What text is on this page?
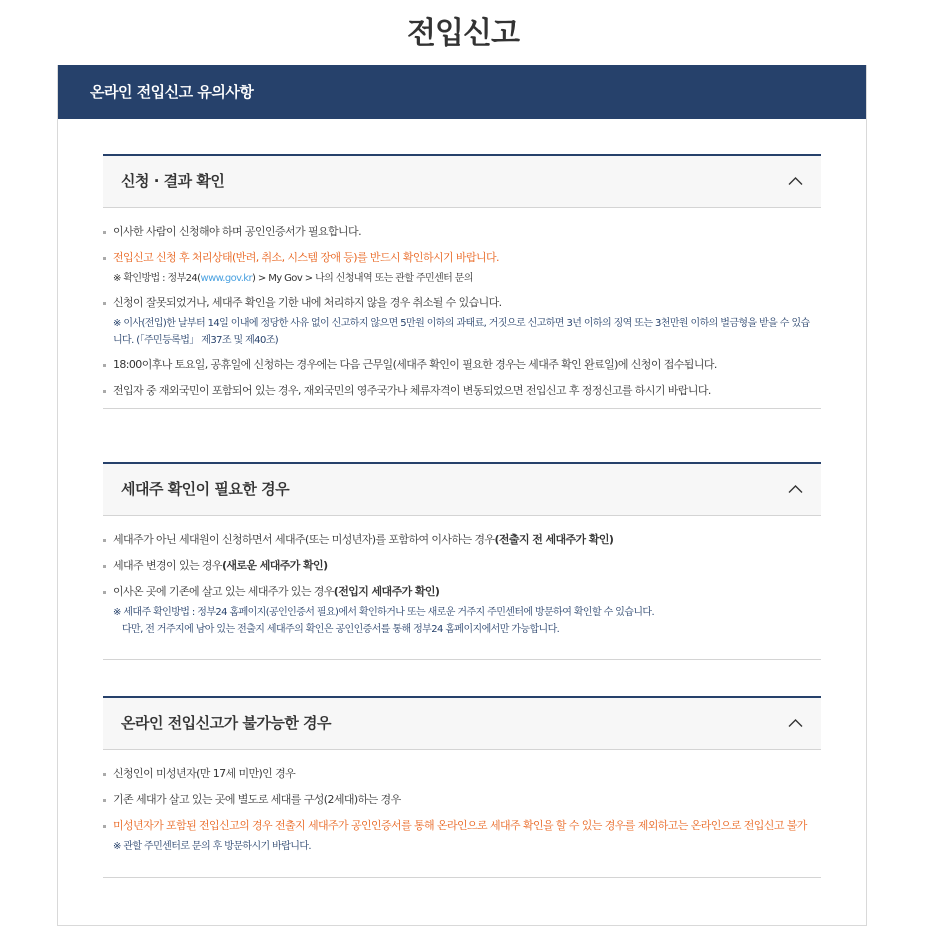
전입신고
온라인 전입신고 유의사항
신청 · 결과 확인
이사한 사람이 신청해야 하며 공인인증서가 필요합니다.
전입신고 신청 후 처리상태(반려, 취소, 시스템 장애 등)를 반드시 확인하시기 바랍니다.
※ 확인방법 : 정부24(www.gov.kr) > My Gov > 나의 신청내역 또는 관할 주민센터 문의
신청이 잘못되었거나, 세대주 확인을 기한 내에 처리하지 않을 경우 취소될 수 있습니다.
※ 이사(전입)한 날부터 14일 이내에 정당한 사유 없이 신고하지 않으면 5만원 이하의 과태료, 거짓으로 신고하면 3년 이하의 징역 또는 3천만원 이하의 벌금형을 받을 수 있습니다. (「주민등록법」 제37조 및 제40조)
18:00이후나 토요일, 공휴일에 신청하는 경우에는 다음 근무일(세대주 확인이 필요한 경우는 세대주 확인 완료일)에 신청이 접수됩니다.
전입자 중 재외국민이 포함되어 있는 경우, 재외국민의 영주국가나 체류자격이 변동되었으면 전입신고 후 정정신고를 하시기 바랍니다.
세대주 확인이 필요한 경우
세대주가 아닌 세대원이 신청하면서 세대주(또는 미성년자)를 포함하여 이사하는 경우(전출지 전 세대주가 확인)
세대주 변경이 있는 경우(새로운 세대주가 확인)
이사온 곳에 기존에 살고 있는 세대주가 있는 경우(전입지 세대주가 확인)
※ 세대주 확인방법 : 정부24 홈페이지(공인인증서 필요)에서 확인하거나 또는 새로운 거주지 주민센터에 방문하여 확인할 수 있습니다.
다만, 전 거주지에 남아 있는 전출지 세대주의 확인은 공인인증서를 통해 정부24 홈페이지에서만 가능합니다.
온라인 전입신고가 불가능한 경우
신청인이 미성년자(만 17세 미만)인 경우
기존 세대가 살고 있는 곳에 별도로 세대를 구성(2세대)하는 경우
미성년자가 포함된 전입신고의 경우 전출지 세대주가 공인인증서를 통해 온라인으로 세대주 확인을 할 수 있는 경우를 제외하고는 온라인으로 전입신고 불가
※ 관할 주민센터로 문의 후 방문하시기 바랍니다.
